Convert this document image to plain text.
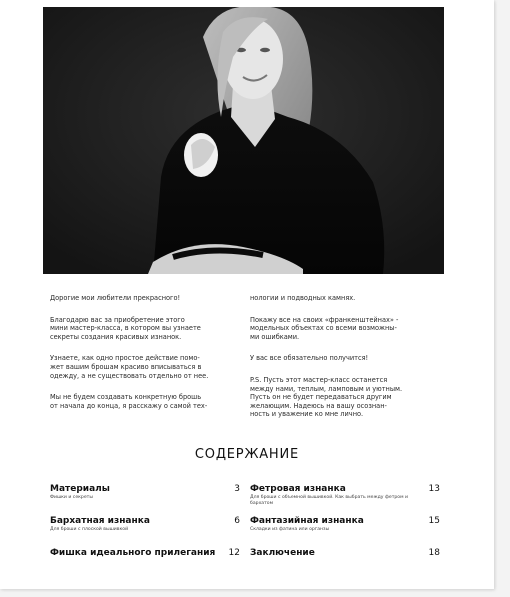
Дорогие мои любители прекрасного!

Благодарю вас за приобретение этого
мини мастер-класса, в котором вы узнаете
секреты создания красивых изнанок.

Узнаете, как одно простое действие помо-
жет вашим брошам красиво вписываться в
одежду, а не существовать отдельно от нее.

Мы не будем создавать конкретную брошь
от начала до конца, я расскажу о самой тех-

нологии и подводных камнях.

Покажу все на своих «франкенштейнах» -
модельных объектах со всеми возможны-
ми ошибками.

У вас все обязательно получится!

P.S. Пусть этот мастер-класс останется
между нами, теплым, ламповым и уютным.
Пусть он не будет передаваться другим
желающим. Надеюсь на вашу осознан-
ность и уважение ко мне лично.

СОДЕРЖАНИЕ
Материалы
Фишки и секреты
3
Бархатная изнанка
Для броши с плоской вышивкой
6
Фишка идеального прилегания	12
Фетровая изнанка
Для броши с объемной вышивкой. Как выбрать между фетром и бархатом
13
Фантазийная изнанка
Складки из фатина или органзы
15
Заключение	18
